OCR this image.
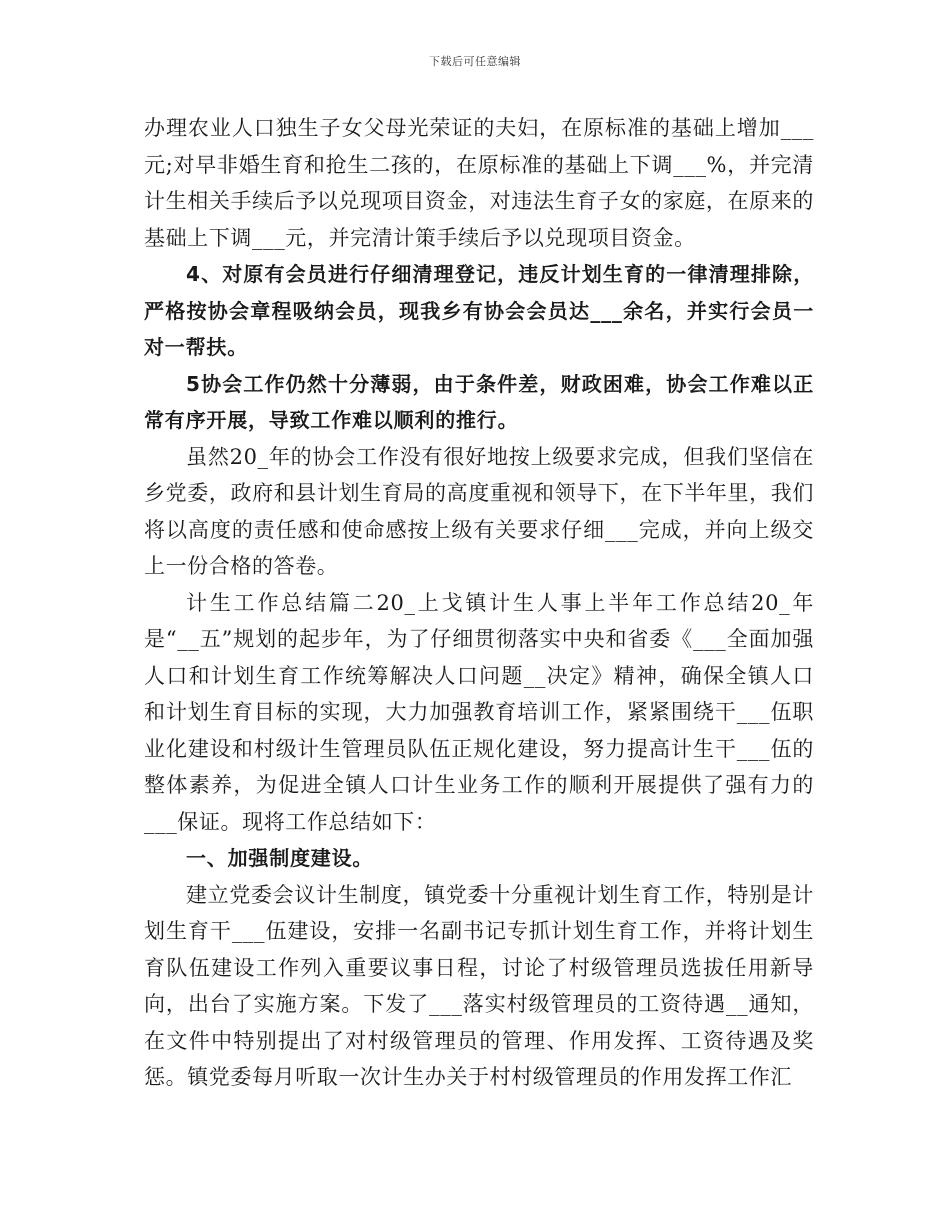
下载后可任意编辑

办理农业人口独生子女父母光荣证的夫妇，在原标准的基础上增加___元;对早非婚生育和抢生二孩的，在原标准的基础上下调___%，并完清计生相关手续后予以兑现项目资金，对违法生育子女的家庭，在原来的基础上下调___元，并完清计策手续后予以兑现项目资金。

4、对原有会员进行仔细清理登记，违反计划生育的一律清理排除，严格按协会章程吸纳会员，现我乡有协会会员达___余名，并实行会员一对一帮扶。

5协会工作仍然十分薄弱，由于条件差，财政困难，协会工作难以正常有序开展，导致工作难以顺利的推行。

虽然20_年的协会工作没有很好地按上级要求完成，但我们坚信在乡党委，政府和县计划生育局的高度重视和领导下，在下半年里，我们将以高度的责任感和使命感按上级有关要求仔细___完成，并向上级交上一份合格的答卷。

计生工作总结篇二20_上戈镇计生人事上半年工作总结20_年是“__五”规划的起步年，为了仔细贯彻落实中央和省委《___全面加强人口和计划生育工作统筹解决人口问题__决定》精神，确保全镇人口和计划生育目标的实现，大力加强教育培训工作，紧紧围绕干___伍职业化建设和村级计生管理员队伍正规化建设，努力提高计生干___伍的整体素养，为促进全镇人口计生业务工作的顺利开展提供了强有力的___保证。现将工作总结如下：

一、加强制度建设。

建立党委会议计生制度，镇党委十分重视计划生育工作，特别是计划生育干___伍建设，安排一名副书记专抓计划生育工作，并将计划生育队伍建设工作列入重要议事日程，讨论了村级管理员选拔任用新导向，出台了实施方案。下发了___落实村级管理员的工资待遇__通知，在文件中特别提出了对村级管理员的管理、作用发挥、工资待遇及奖惩。镇党委每月听取一次计生办关于村村级管理员的作用发挥工作汇
